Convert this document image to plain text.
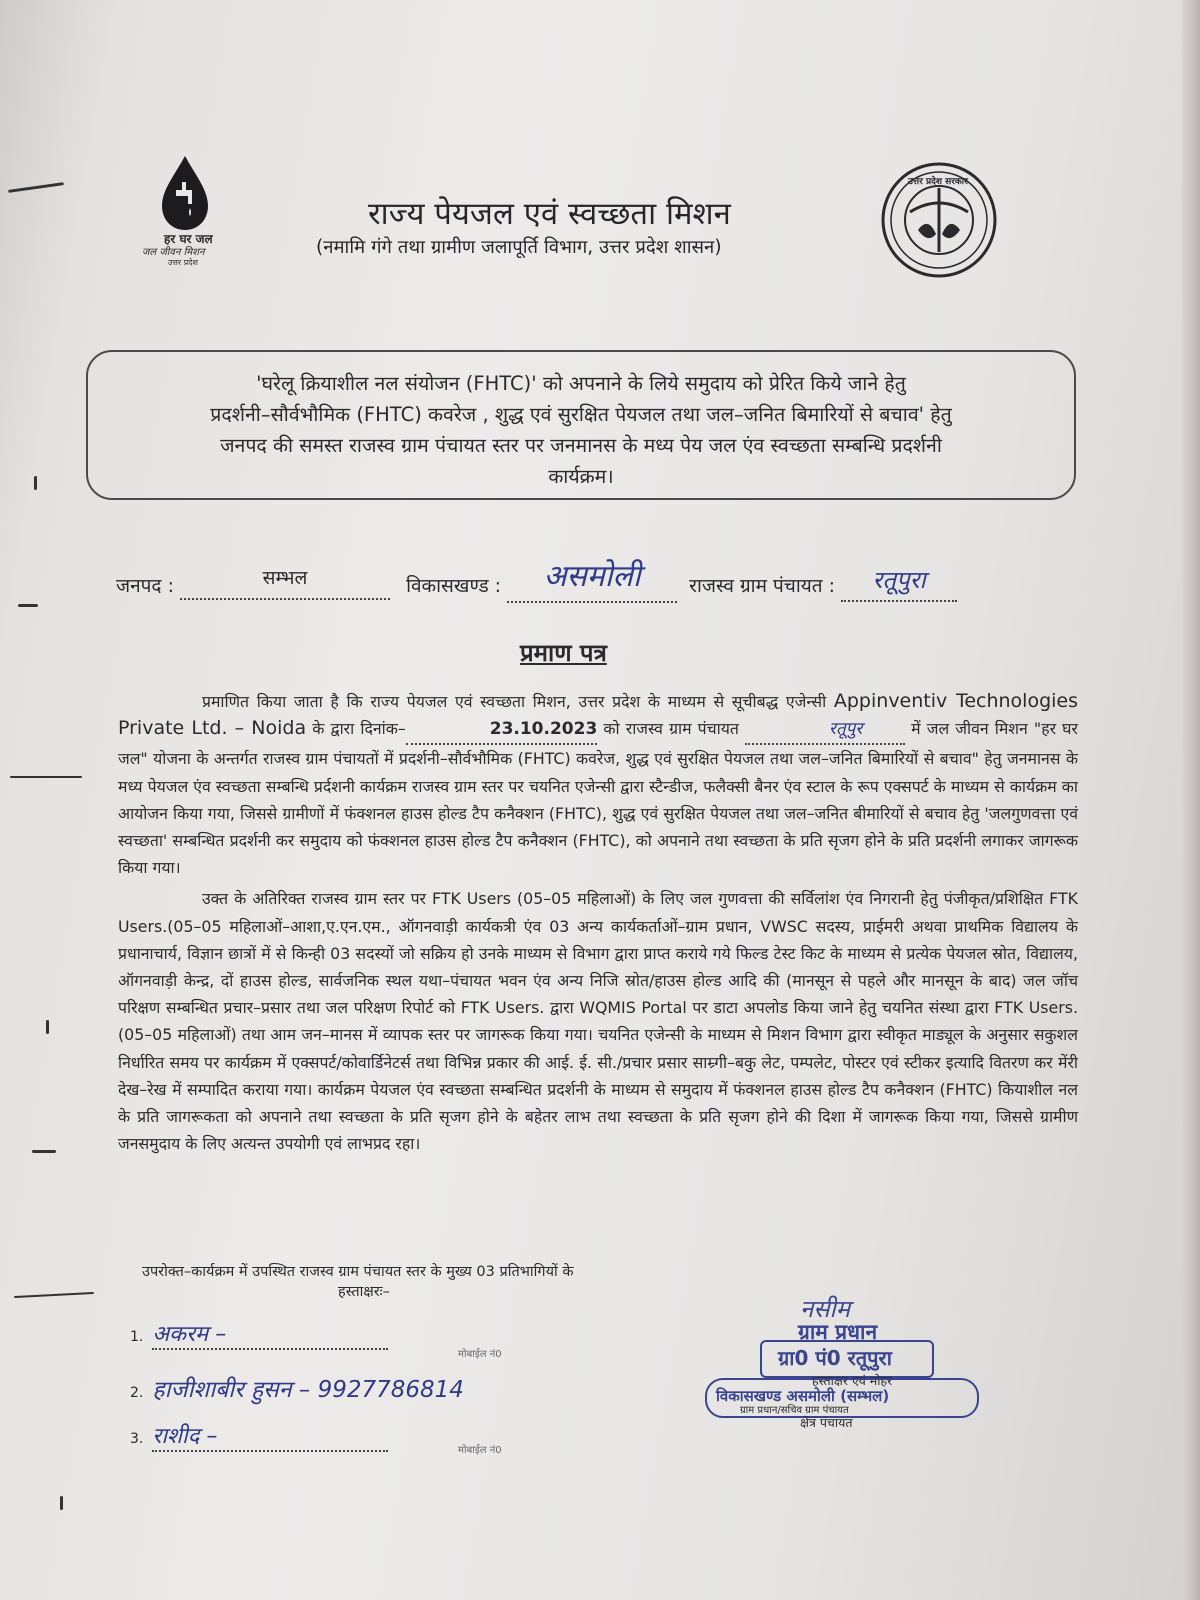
हर घर जल
जल जीवन मिशन
उत्तर प्रदेश
राज्य पेयजल एवं स्वच्छता मिशन
(नमामि गंगे तथा ग्रामीण जलापूर्ति विभाग, उत्तर प्रदेश शासन)
उत्तर प्रदेश सरकार

'घरेलू क्रियाशील नल संयोजन (FHTC)' को अपनाने के लिये समुदाय को प्रेरित किये जाने हेतु

प्रदर्शनी–सौर्वभौमिक (FHTC) कवरेज , शुद्ध एवं सुरक्षित पेयजल तथा जल–जनित बिमारियों से बचाव' हेतु

जनपद की समस्त राजस्व ग्राम पंचायत स्तर पर जनमानस के मध्य पेय जल एंव स्वच्छता सम्बन्धि प्रदर्शनी

कार्यक्रम।

जनपद :	सम्भल	विकासखण्ड : असमोली	राजस्व ग्राम पंचायत : रतूपुरा
प्रमाण पत्र

प्रमाणित किया जाता है कि राज्य पेयजल एवं स्वच्छता मिशन, उत्तर प्रदेश के माध्यम से सूचीबद्ध एजेन्सी Appinventiv Technologies Private Ltd. – Noida के द्वारा दिनांक–	23.10.2023 को राजस्व ग्राम पंचायत	रतूपुर	में जल जीवन मिशन "हर घर जल" योजना के अन्तर्गत राजस्व ग्राम पंचायतों में प्रदर्शनी–सौर्वभौमिक (FHTC) कवरेज, शुद्ध एवं सुरक्षित पेयजल तथा जल–जनित बिमारियों से बचाव" हेतु जनमानस के मध्य पेयजल एंव स्वच्छता सम्बन्धि प्रर्दशनी कार्यक्रम राजस्व ग्राम स्तर पर चयनित एजेन्सी द्वारा स्टैन्डीज, फलैक्सी बैनर एंव स्टाल के रूप एक्सपर्ट के माध्यम से कार्यक्रम का आयोजन किया गया, जिससे ग्रामीणों में फंक्शनल हाउस होल्ड टैप कनैक्शन (FHTC), शुद्ध एवं सुरक्षित पेयजल तथा जल–जनित बीमारियों से बचाव हेतु 'जलगुणवत्ता एवं स्वच्छता' सम्बन्धित प्रदर्शनी कर समुदाय को फंक्शनल हाउस होल्ड टैप कनैक्शन (FHTC), को अपनाने तथा स्वच्छता के प्रति सृजग होने के प्रति प्रदर्शनी लगाकर जागरूक किया गया।

उक्त के अतिरिक्त राजस्व ग्राम स्तर पर FTK Users (05–05 महिलाओं) के लिए जल गुणवत्ता की सर्विलांश एंव निगरानी हेतु पंजीकृत/प्रशिक्षित FTK Users.(05–05 महिलाओं–आशा,ए.एन.एम., ऑगनवाड़ी कार्यकत्री एंव 03 अन्य कार्यकर्ताओं–ग्राम प्रधान, VWSC सदस्य, प्राईमरी अथवा प्राथमिक विद्यालय के प्रधानाचार्य, विज्ञान छात्रों में से किन्ही 03 सदस्यों जो सक्रिय हो उनके माध्यम से विभाग द्वारा प्राप्त कराये गये फिल्ड टेस्ट किट के माध्यम से प्रत्येक पेयजल स्रोत, विद्यालय, ऑगनवाड़ी केन्द्र, दों हाउस होल्ड, सार्वजनिक स्थल यथा–पंचायत भवन एंव अन्य निजि स्रोत/हाउस होल्ड आदि की (मानसून से पहले और मानसून के बाद) जल जॉच परिक्षण सम्बन्धित प्रचार–प्रसार तथा जल परिक्षण रिपोर्ट को FTK Users. द्वारा WQMIS Portal पर डाटा अपलोड किया जाने हेतु चयनित संस्था द्वारा FTK Users.(05–05 महिलाओं) तथा आम जन–मानस में व्यापक स्तर पर जागरूक किया गया। चयनित एजेन्सी के माध्यम से मिशन विभाग द्वारा स्वीकृत माड्यूल के अनुसार सकुशल निर्धारित समय पर कार्यक्रम में एक्सपर्ट/कोवार्डिनेटर्स तथा विभिन्न प्रकार की आई. ई. सी./प्रचार प्रसार साम्र्गी–बकु लेट, पम्पलेट, पोस्टर एवं स्टीकर इत्यादि वितरण कर मेंरी देख–रेख में सम्पादित कराया गया। कार्यक्रम पेयजल एंव स्वच्छता सम्बन्धित प्रदर्शनी के माध्यम से समुदाय में फंक्शनल हाउस होल्ड टैप कनैक्शन (FHTC) कियाशील नल के प्रति जागरूकता को अपनाने तथा स्वच्छता के प्रति सृजग होने के बहेतर लाभ तथा स्वच्छता के प्रति सृजग होने की दिशा में जागरूक किया गया, जिससे ग्रामीण जनसमुदाय के लिए अत्यन्त उपयोगी एवं लाभप्रद रहा।

उपरोक्त–कार्यक्रम में उपस्थित राजस्व ग्राम पंचायत स्तर के मुख्य 03 प्रतिभागियों के
हस्ताक्षरः–
1. अकरम –
मोबाईल नं0
2. हाजीशाबीर हुसन – 9927786814
3. राशीद –
मोबाईल नं0
नसीम
ग्राम प्रधान
ग्रा0 पं0 रतूपुरा
हस्ताक्षर एवं मोहर
विकासखण्ड असमोली (सम्भल)
ग्राम प्रधान/सचिव ग्राम पंचायत
क्षेत्र पंचायत
